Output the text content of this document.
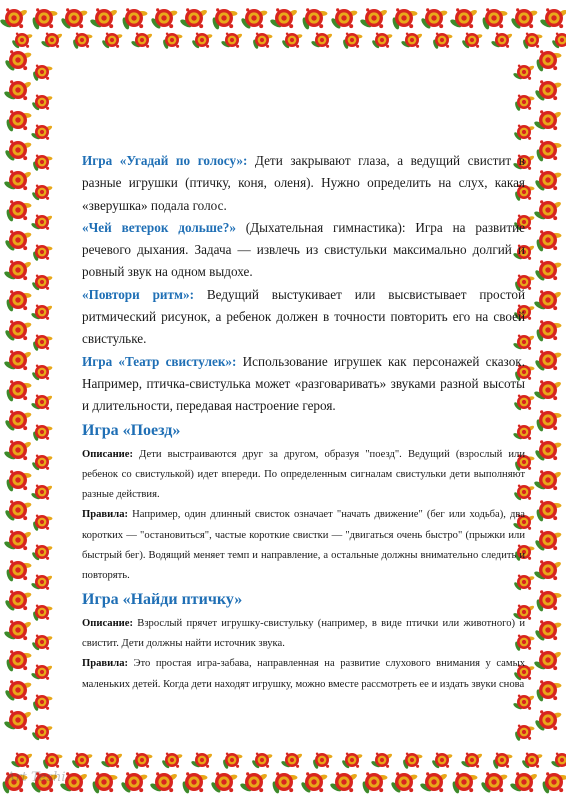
Игра «Угадай по голосу»: Дети закрывают глаза, а ведущий свистит в разные игрушки (птичку, коня, оленя). Нужно определить на слух, какая «зверушка» подала голос.

«Чей ветерок дольше?» (Дыхательная гимнастика): Игра на развитие речевого дыхания. Задача — извлечь из свистульки максимально долгий и ровный звук на одном выдохе.

«Повтори ритм»: Ведущий выстукивает или высвистывает простой ритмический рисунок, а ребенок должен в точности повторить его на своей свистульке.

Игра «Театр свистулек»: Использование игрушек как персонажей сказок. Например, птичка-свистулька может «разговаривать» звуками разной высоты и длительности, передавая настроение героя.

Игра «Поезд»

Описание: Дети выстраиваются друг за другом, образуя "поезд". Ведущий (взрослый или ребенок со свистулькой) идет впереди. По определенным сигналам свистульки дети выполняют разные действия.

Правила: Например, один длинный свисток означает "начать движение" (бег или ходьба), два коротких — "остановиться", частые короткие свистки — "двигаться очень быстро" (прыжки или быстрый бег). Водящий меняет темп и направление, а остальные должны внимательно следить и повторять.

Игра «Найди птичку»

Описание: Взрослый прячет игрушку-свистульку (например, в виде птички или животного) и свистит. Дети должны найти источник звука.

Правила: Это простая игра-забава, направленная на развитие слухового внимания у самых маленьких детей. Когда дети находят игрушку, можно вместе рассмотреть ее и издать звуки снова

Art Teshi
